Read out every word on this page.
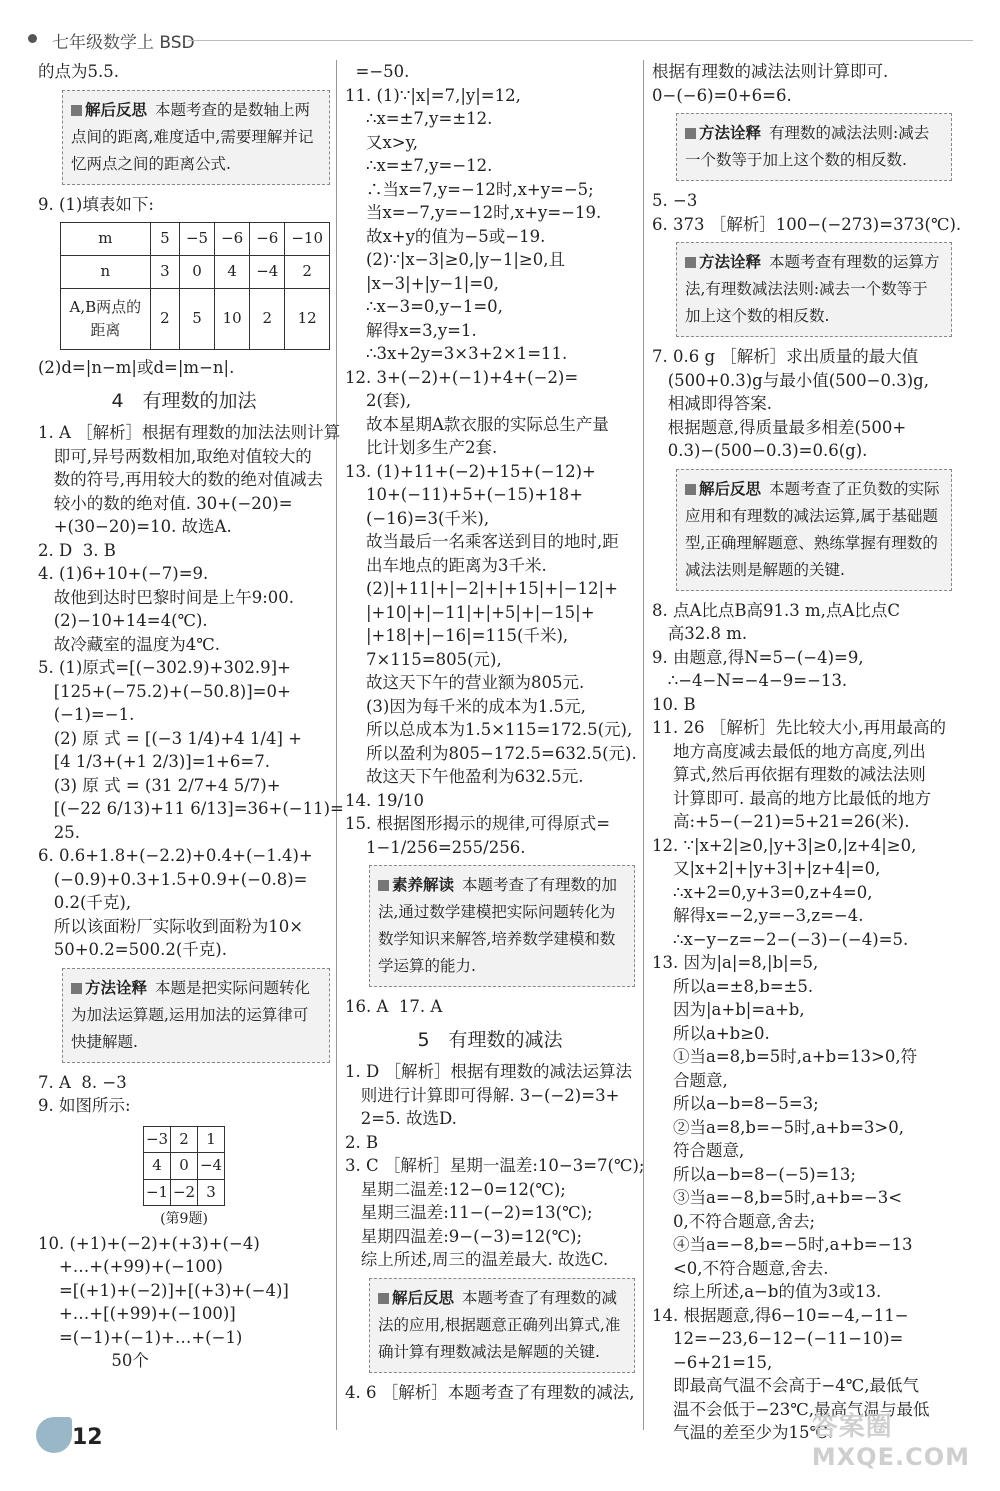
七年级数学上 BSD
的点为5.5.
解后反思 本题考查的是数轴上两点间的距离,难度适中,需要理解并记忆两点之间的距离公式.
9. (1)填表如下:
m	5	−5	−6	−6	−10
n	3	0	4	−4	2
A,B两点的距离	2	5	10	2	12
(2)d=|n−m|或d=|m−n|.
4　有理数的加法
1. A ［解析］根据有理数的加法法则计算
即可,异号两数相加,取绝对值较大的
数的符号,再用较大的数的绝对值减去
较小的数的绝对值. 30+(−20)=
+(30−20)=10. 故选A.
2. D  3. B
4. (1)6+10+(−7)=9.
故他到达时巴黎时间是上午9:00.
(2)−10+14=4(℃).
故冷藏室的温度为4℃.
5. (1)原式=[(−302.9)+302.9]+
[125+(−75.2)+(−50.8)]=0+
(−1)=−1.
(2) 原 式 = [(−3 1/4)+4 1/4] +
[4 1/3+(+1 2/3)]=1+6=7.
(3) 原 式 = (31 2/7+4 5/7)+
[(−22 6/13)+11 6/13]=36+(−11)=
25.
6. 0.6+1.8+(−2.2)+0.4+(−1.4)+
(−0.9)+0.3+1.5+0.9+(−0.8)=
0.2(千克),
所以该面粉厂实际收到面粉为10×
50+0.2=500.2(千克).
方法诠释 本题是把实际问题转化为加法运算题,运用加法的运算律可快捷解题.
7. A  8. −3
9. 如图所示:
−3	2	1
4	0	−4
−1	−2	3
(第9题)
10. (+1)+(−2)+(+3)+(−4)
+…+(+99)+(−100)
=[(+1)+(−2)]+[(+3)+(−4)]
+…+[(+99)+(−100)]
=(−1)+(−1)+…+(−1)
50个
=−50.
11. (1)∵|x|=7,|y|=12,
∴x=±7,y=±12.
又x>y,
∴x=±7,y=−12.
∴当x=7,y=−12时,x+y=−5;
当x=−7,y=−12时,x+y=−19.
故x+y的值为−5或−19.
(2)∵|x−3|≥0,|y−1|≥0,且
|x−3|+|y−1|=0,
∴x−3=0,y−1=0,
解得x=3,y=1.
∴3x+2y=3×3+2×1=11.
12. 3+(−2)+(−1)+4+(−2)=
2(套),
故本星期A款衣服的实际总生产量
比计划多生产2套.
13. (1)+11+(−2)+15+(−12)+
10+(−11)+5+(−15)+18+
(−16)=3(千米),
故当最后一名乘客送到目的地时,距
出车地点的距离为3千米.
(2)|+11|+|−2|+|+15|+|−12|+
|+10|+|−11|+|+5|+|−15|+
|+18|+|−16|=115(千米),
7×115=805(元),
故这天下午的营业额为805元.
(3)因为每千米的成本为1.5元,
所以总成本为1.5×115=172.5(元),
所以盈利为805−172.5=632.5(元).
故这天下午他盈利为632.5元.
14. 19/10
15. 根据图形揭示的规律,可得原式=
1−1/256=255/256.
素养解读 本题考查了有理数的加法,通过数学建模把实际问题转化为数学知识来解答,培养数学建模和数学运算的能力.
16. A  17. A
5　有理数的减法
1. D ［解析］根据有理数的减法运算法
则进行计算即可得解. 3−(−2)=3+
2=5. 故选D.
2. B
3. C ［解析］星期一温差:10−3=7(℃);
星期二温差:12−0=12(℃);
星期三温差:11−(−2)=13(℃);
星期四温差:9−(−3)=12(℃);
综上所述,周三的温差最大. 故选C.
解后反思 本题考查了有理数的减法的应用,根据题意正确列出算式,准确计算有理数减法是解题的关键.
4. 6 ［解析］本题考查了有理数的减法,
根据有理数的减法法则计算即可.
0−(−6)=0+6=6.
方法诠释 有理数的减法法则:减去一个数等于加上这个数的相反数.
5. −3
6. 373 ［解析］100−(−273)=373(℃).
方法诠释 本题考查有理数的运算方法,有理数减法法则:减去一个数等于加上这个数的相反数.
7. 0.6 g ［解析］求出质量的最大值
(500+0.3)g与最小值(500−0.3)g,
相减即得答案.
根据题意,得质量最多相差(500+
0.3)−(500−0.3)=0.6(g).
解后反思 本题考查了正负数的实际应用和有理数的减法运算,属于基础题型,正确理解题意、熟练掌握有理数的减法法则是解题的关键.
8. 点A比点B高91.3 m,点A比点C
高32.8 m.
9. 由题意,得N=5−(−4)=9,
∴−4−N=−4−9=−13.
10. B
11. 26 ［解析］先比较大小,再用最高的
地方高度减去最低的地方高度,列出
算式,然后再依据有理数的减法法则
计算即可. 最高的地方比最低的地方
高:+5−(−21)=5+21=26(米).
12. ∵|x+2|≥0,|y+3|≥0,|z+4|≥0,
又|x+2|+|y+3|+|z+4|=0,
∴x+2=0,y+3=0,z+4=0,
解得x=−2,y=−3,z=−4.
∴x−y−z=−2−(−3)−(−4)=5.
13. 因为|a|=8,|b|=5,
所以a=±8,b=±5.
因为|a+b|=a+b,
所以a+b≥0.
①当a=8,b=5时,a+b=13>0,符
合题意,
所以a−b=8−5=3;
②当a=8,b=−5时,a+b=3>0,
符合题意,
所以a−b=8−(−5)=13;
③当a=−8,b=5时,a+b=−3<
0,不符合题意,舍去;
④当a=−8,b=−5时,a+b=−13
<0,不符合题意,舍去.
综上所述,a−b的值为3或13.
14. 根据题意,得6−10=−4,−11−
12=−23,6−12−(−11−10)=
−6+21=15,
即最高气温不会高于−4℃,最低气
温不会低于−23℃,最高气温与最低
气温的差至少为15℃.
12	答案圈
MXQE.COM
